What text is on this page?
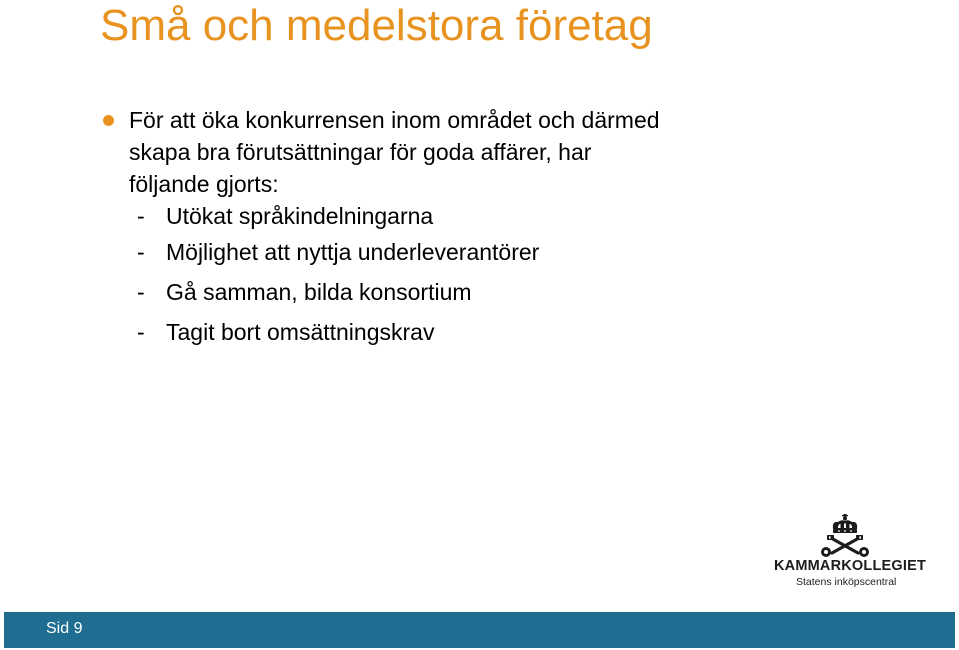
Små och medelstora företag
För att öka konkurrensen inom området och därmed
skapa bra förutsättningar för goda affärer, har
följande gjorts:
- Utökat språkindelningarna
- Möjlighet att nyttja underleverantörer
- Gå samman, bilda konsortium
- Tagit bort omsättningskrav
KAMMARKOLLEGIET
Statens inköpscentral
Sid 9
